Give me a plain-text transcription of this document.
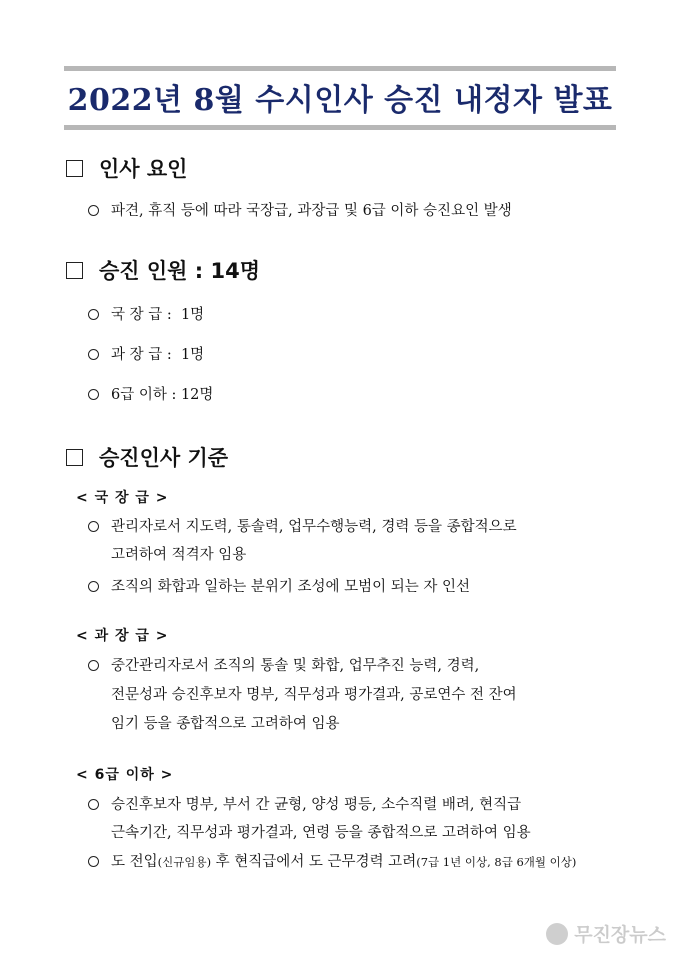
2022년 8월 수시인사 승진 내정자 발표
인사 요인
파견, 휴직 등에 따라 국장급, 과장급 및 6급 이하 승진요인 발생
승진 인원 : 14명
국 장 급 :  1명
과 장 급 :  1명
6급 이하 : 12명
승진인사 기준
< 국 장 급 >
관리자로서 지도력, 통솔력, 업무수행능력, 경력 등을 종합적으로
고려하여 적격자 임용
조직의 화합과 일하는 분위기 조성에 모범이 되는 자 인선
< 과 장 급 >
중간관리자로서 조직의 통솔 및 화합, 업무추진 능력, 경력,
전문성과 승진후보자 명부, 직무성과 평가결과, 공로연수 전 잔여
임기 등을 종합적으로 고려하여 임용
< 6급 이하 >
승진후보자 명부, 부서 간 균형, 양성 평등, 소수직렬 배려, 현직급
근속기간, 직무성과 평가결과, 연령 등을 종합적으로 고려하여 임용
도 전입(신규임용) 후 현직급에서 도 근무경력 고려(7급 1년 이상, 8급 6개월 이상)
무진장뉴스
